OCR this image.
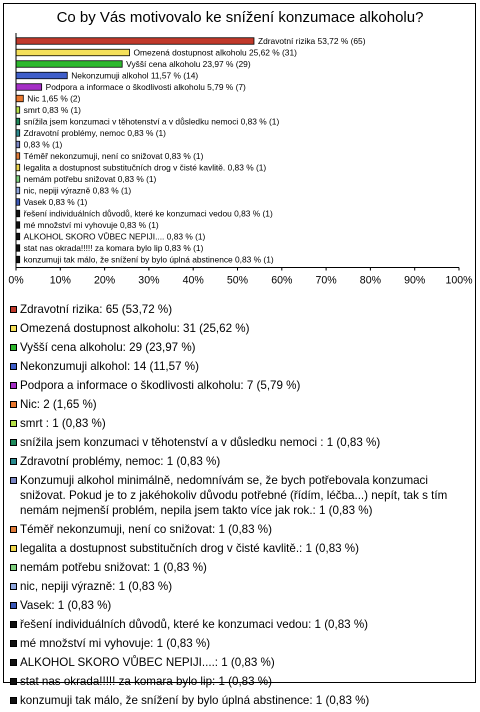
Co by Vás motivovalo ke snížení konzumace alkoholu?
Zdravotní rizika 53,72 % (65)
Omezená dostupnost alkoholu 25,62 % (31)
Vyšší cena alkoholu 23,97 % (29)
Nekonzumuji alkohol 11,57 % (14)
Podpora a informace o škodlivosti alkoholu 5,79 % (7)
Nic 1,65 % (2)
smrt 0,83 % (1)
snížila jsem konzumaci v těhotenství a v důsledku nemoci 0,83 % (1)
Zdravotní problémy, nemoc 0,83 % (1)
0,83 % (1)
Téměř nekonzumuji, není co snižovat 0,83 % (1)
legalita a dostupnost substitučních drog v čisté kavlitě. 0,83 % (1)
nemám potřebu snižovat 0,83 % (1)
nic, nepiji výrazně 0,83 % (1)
Vasek 0,83 % (1)
řešení individuálních důvodů, které ke konzumaci vedou 0,83 % (1)
mé množství mi vyhovuje 0,83 % (1)
ALKOHOL SKORO VŮBEC NEPIJI.... 0,83 % (1)
stat nas okrada!!!!! za komara bylo lip 0,83 % (1)
konzumuji tak málo, že snížení by bylo úplná abstinence 0,83 % (1)
0% 10% 20% 30% 40% 50% 60% 70% 80% 90% 100%
Zdravotní rizika: 65 (53,72 %)
Omezená dostupnost alkoholu: 31 (25,62 %)
Vyšší cena alkoholu: 29 (23,97 %)
Nekonzumuji alkohol: 14 (11,57 %)
Podpora a informace o škodlivosti alkoholu: 7 (5,79 %)
Nic: 2 (1,65 %)
smrt : 1 (0,83 %)
snížila jsem konzumaci v těhotenství a v důsledku nemoci : 1 (0,83 %)
Zdravotní problémy, nemoc: 1 (0,83 %)
Konzumuji alkohol minimálně, nedomnívám se, že bych potřebovala konzumaci snižovat. Pokud je to z jakéhokoliv důvodu potřebné (řídím, léčba...) nepít, tak s tím nemám nejmenší problém, nepila jsem takto více jak rok.: 1 (0,83 %)
Téměř nekonzumuji, není co snižovat: 1 (0,83 %)
legalita a dostupnost substitučních drog v čisté kavlitě.: 1 (0,83 %)
nemám potřebu snižovat: 1 (0,83 %)
nic, nepiji výrazně: 1 (0,83 %)
Vasek: 1 (0,83 %)
řešení individuálních důvodů, které ke konzumaci vedou: 1 (0,83 %)
mé množství mi vyhovuje: 1 (0,83 %)
ALKOHOL SKORO VŮBEC NEPIJI....: 1 (0,83 %)
stat nas okrada!!!!! za komara bylo lip: 1 (0,83 %)
konzumuji tak málo, že snížení by bylo úplná abstinence: 1 (0,83 %)
